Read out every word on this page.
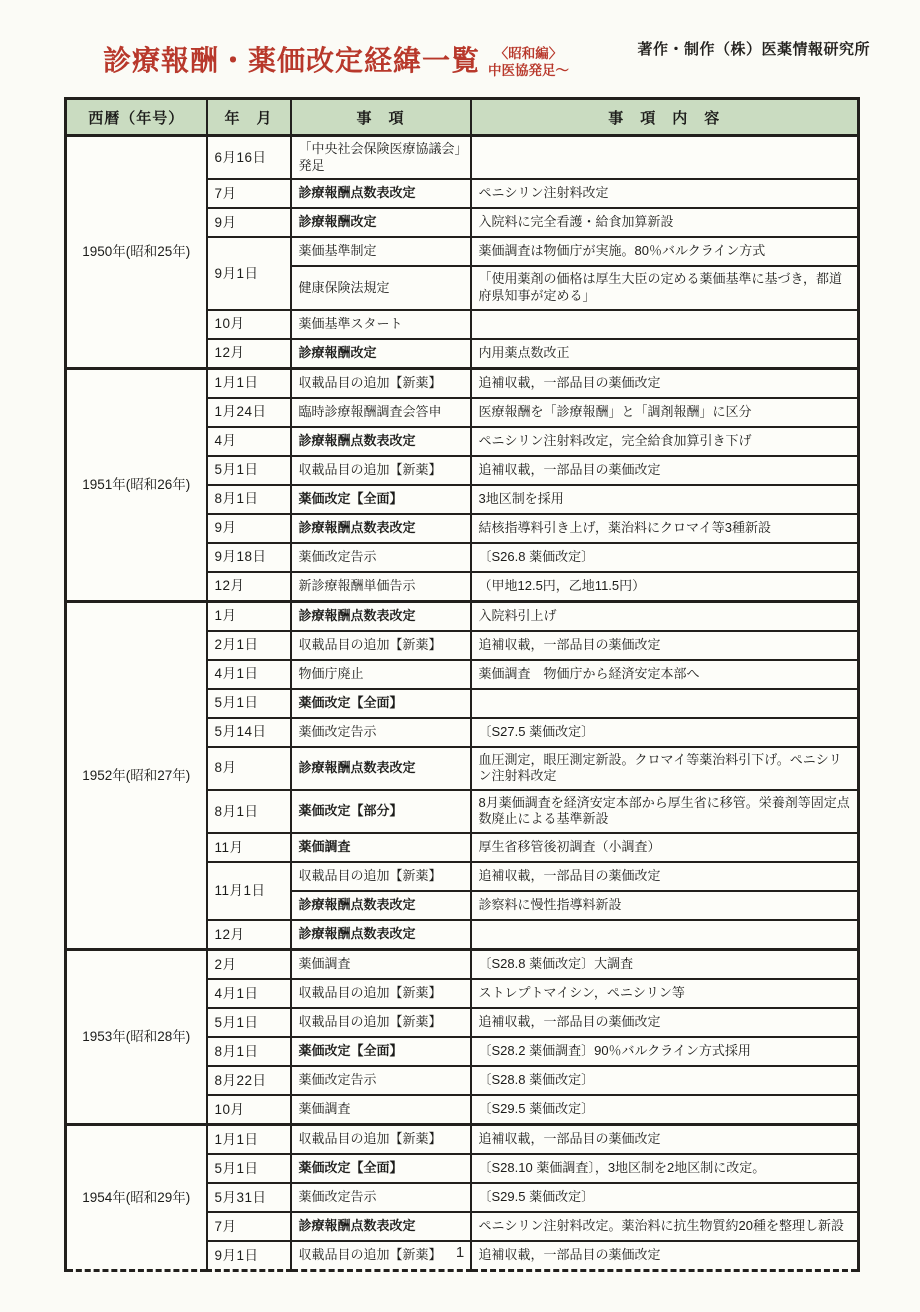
診療報酬・薬価改定経緯一覧	〈昭和編〉
中医協発足～
著作・制作（株）医薬情報研究所
西暦（年号）	年　月	事　項	事　項　内　容
1950年(昭和25年)	6月16日	「中央社会保険医療協議会」発足	
	7月	診療報酬点数表改定	ペニシリン注射料改定
	9月	診療報酬改定	入院料に完全看護・給食加算新設
	9月1日	薬価基準制定	薬価調査は物価庁が実施。80％バルクライン方式
		健康保険法規定	「使用薬剤の価格は厚生大臣の定める薬価基準に基づき，都道府県知事が定める」
	10月	薬価基準スタート	
	12月	診療報酬改定	内用薬点数改正
1951年(昭和26年)	1月1日	収載品目の追加【新薬】	追補収載，一部品目の薬価改定
	1月24日	臨時診療報酬調査会答申	医療報酬を「診療報酬」と「調剤報酬」に区分
	4月	診療報酬点数表改定	ペニシリン注射料改定，完全給食加算引き下げ
	5月1日	収載品目の追加【新薬】	追補収載，一部品目の薬価改定
	8月1日	薬価改定【全面】	3地区制を採用
	9月	診療報酬点数表改定	結核指導料引き上げ，薬治料にクロマイ等3種新設
	9月18日	薬価改定告示	〔S26.8 薬価改定〕
	12月	新診療報酬単価告示	（甲地12.5円，乙地11.5円）
1952年(昭和27年)	1月	診療報酬点数表改定	入院料引上げ
	2月1日	収載品目の追加【新薬】	追補収載，一部品目の薬価改定
	4月1日	物価庁廃止	薬価調査　物価庁から経済安定本部へ
	5月1日	薬価改定【全面】	
	5月14日	薬価改定告示	〔S27.5 薬価改定〕
	8月	診療報酬点数表改定	血圧測定，眼圧測定新設。クロマイ等薬治料引下げ。ペニシリン注射料改定
	8月1日	薬価改定【部分】	8月薬価調査を経済安定本部から厚生省に移管。栄養剤等固定点数廃止による基準新設
	11月	薬価調査	厚生省移管後初調査（小調査）
	11月1日	収載品目の追加【新薬】	追補収載，一部品目の薬価改定
		診療報酬点数表改定	診察料に慢性指導料新設
	12月	診療報酬点数表改定	
1953年(昭和28年)	2月	薬価調査	〔S28.8 薬価改定〕大調査
	4月1日	収載品目の追加【新薬】	ストレプトマイシン，ペニシリン等
	5月1日	収載品目の追加【新薬】	追補収載，一部品目の薬価改定
	8月1日	薬価改定【全面】	〔S28.2 薬価調査〕90％バルクライン方式採用
	8月22日	薬価改定告示	〔S28.8 薬価改定〕
	10月	薬価調査	〔S29.5 薬価改定〕
1954年(昭和29年)	1月1日	収載品目の追加【新薬】	追補収載，一部品目の薬価改定
	5月1日	薬価改定【全面】	〔S28.10 薬価調査〕，3地区制を2地区制に改定。
	5月31日	薬価改定告示	〔S29.5 薬価改定〕
	7月	診療報酬点数表改定	ペニシリン注射料改定。薬治料に抗生物質約20種を整理し新設
	9月1日	収載品目の追加【新薬】	追補収載，一部品目の薬価改定
1
